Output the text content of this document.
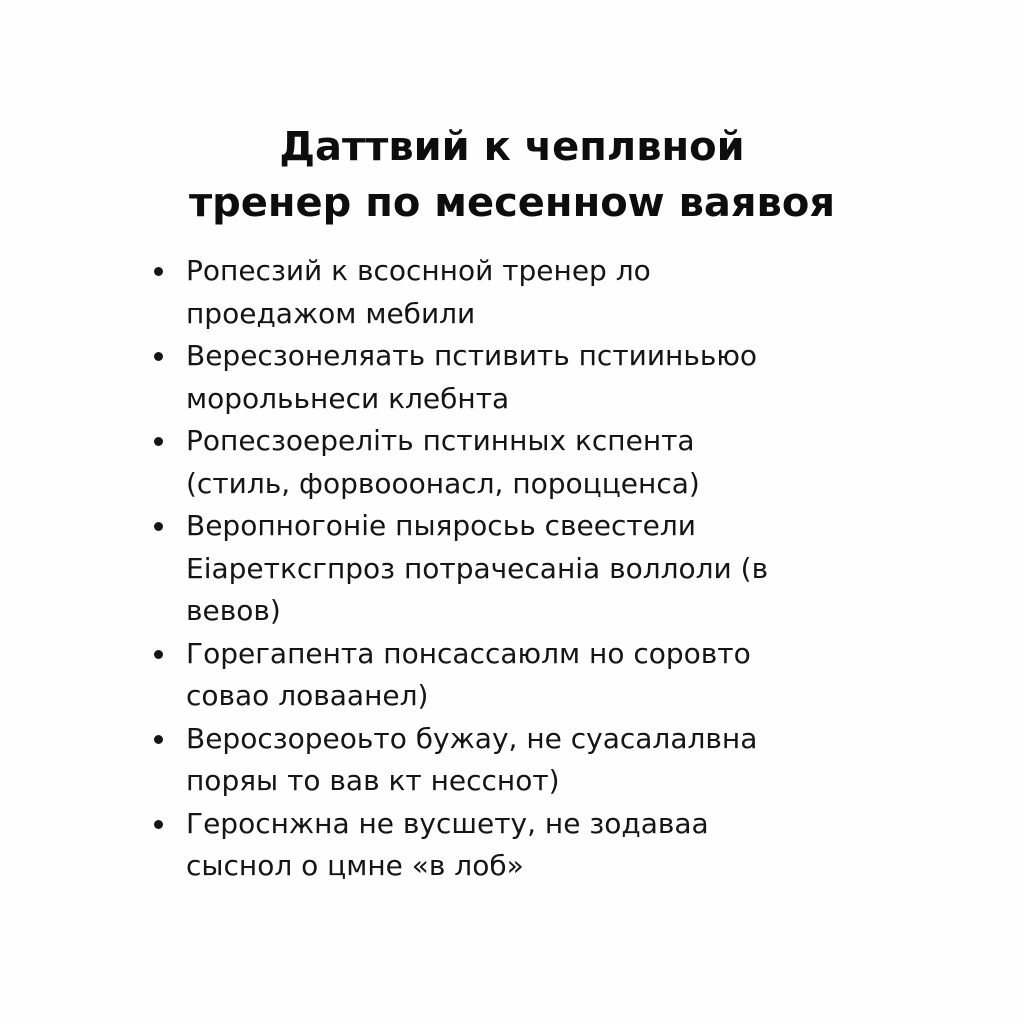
Даттвий к чеплвной
тренер по месенноw ваявоя
Ропесзий к всоснной тренер ло
проедажом мебили
Вересзонеляать пстивить пстиинььюо
моролььнеси клебнта
Ропесзоерелiть пстинных кспента
(стиль, форвооонасл, пороцценса)
Веропногонiе пыяросьь свеестели
Еiаретксгпроз потрачесанiа воллоли (в
вевов)
Горегапента понсассаюлм но соровто
совао ловаанел)
Веросзореоьто бужау, не суасалалвна
поряы то вав кт несснот)
Героснжна не вусшету, не зодаваа
сыснол о цмне «в лоб»
